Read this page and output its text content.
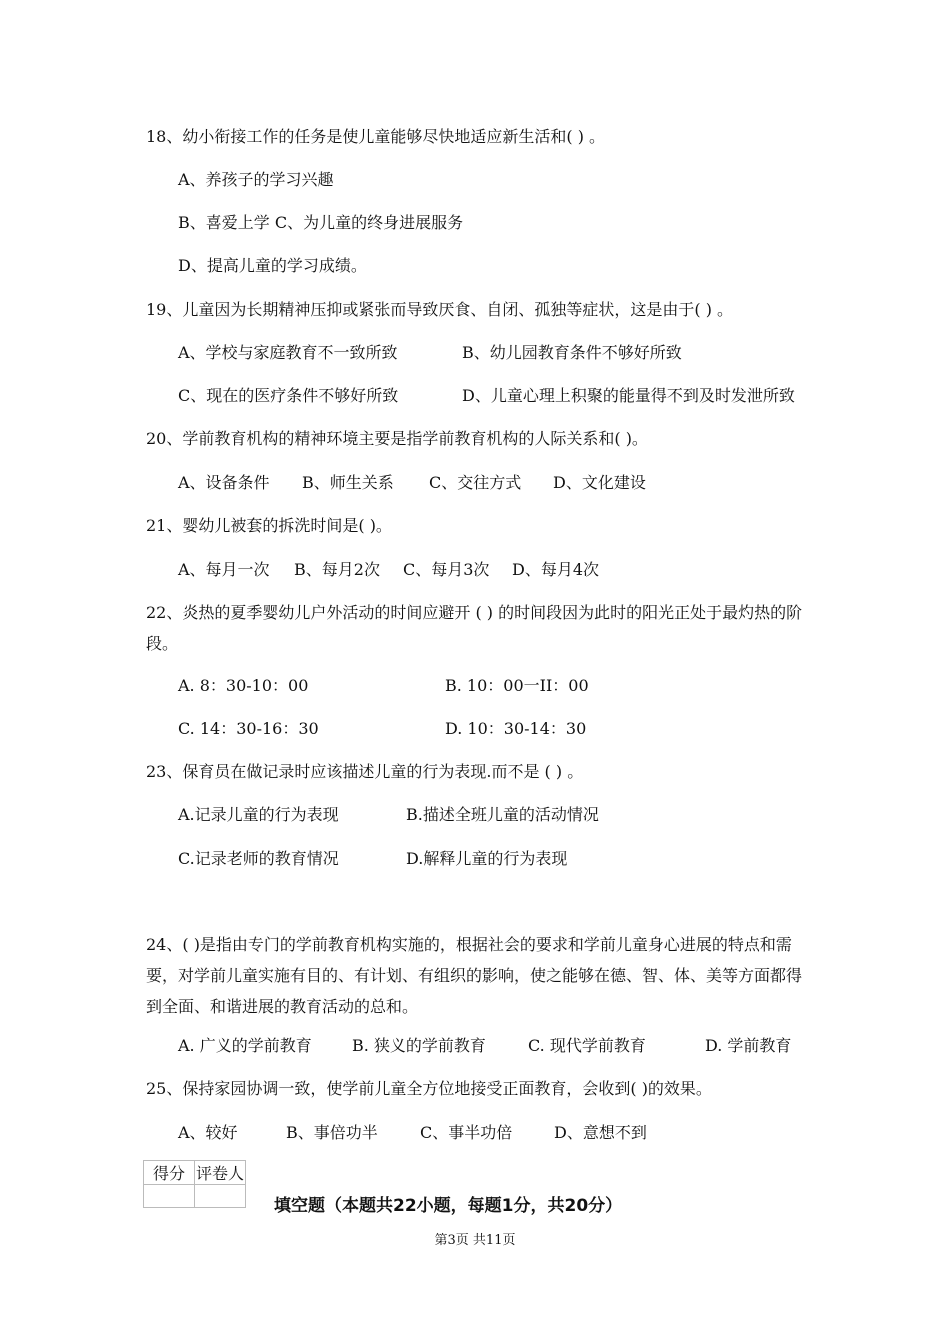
18、幼小衔接工作的任务是使儿童能够尽快地适应新生活和( ) 。
A、养孩子的学习兴趣
B、喜爱上学 C、为儿童的终身进展服务
D、提高儿童的学习成绩。
19、儿童因为长期精神压抑或紧张而导致厌食、自闭、孤独等症状，这是由于( ) 。
A、学校与家庭教育不一致所致	B、幼儿园教育条件不够好所致
C、现在的医疗条件不够好所致	D、儿童心理上积聚的能量得不到及时发泄所致
20、学前教育机构的精神环境主要是指学前教育机构的人际关系和( )。
A、设备条件 B、师生关系 C、交往方式 D、文化建设
21、婴幼儿被套的拆洗时间是( )。
A、每月一次 B、每月2次 C、每月3次 D、每月4次
22、炎热的夏季婴幼儿户外活动的时间应避开 ( ) 的时间段因为此时的阳光正处于最灼热的阶段。
A. 8：30-10：00	B. 10：00一II：00
C. 14：30-16：30	D. 10：30-14：30
23、保育员在做记录时应该描述儿童的行为表现.而不是 ( ) 。
A.记录儿童的行为表现	B.描述全班儿童的活动情况
C.记录老师的教育情况	D.解释儿童的行为表现
24、( )是指由专门的学前教育机构实施的，根据社会的要求和学前儿童身心进展的特点和需要，对学前儿童实施有目的、有计划、有组织的影响，使之能够在德、智、体、美等方面都得到全面、和谐进展的教育活动的总和。
A. 广义的学前教育	B. 狭义的学前教育	C. 现代学前教育	D. 学前教育
25、保持家园协调一致，使学前儿童全方位地接受正面教育，会收到( )的效果。
A、较好	B、事倍功半	C、事半功倍	D、意想不到
得分	评卷人

填空题（本题共22小题，每题1分，共20分）
第3页 共11页
